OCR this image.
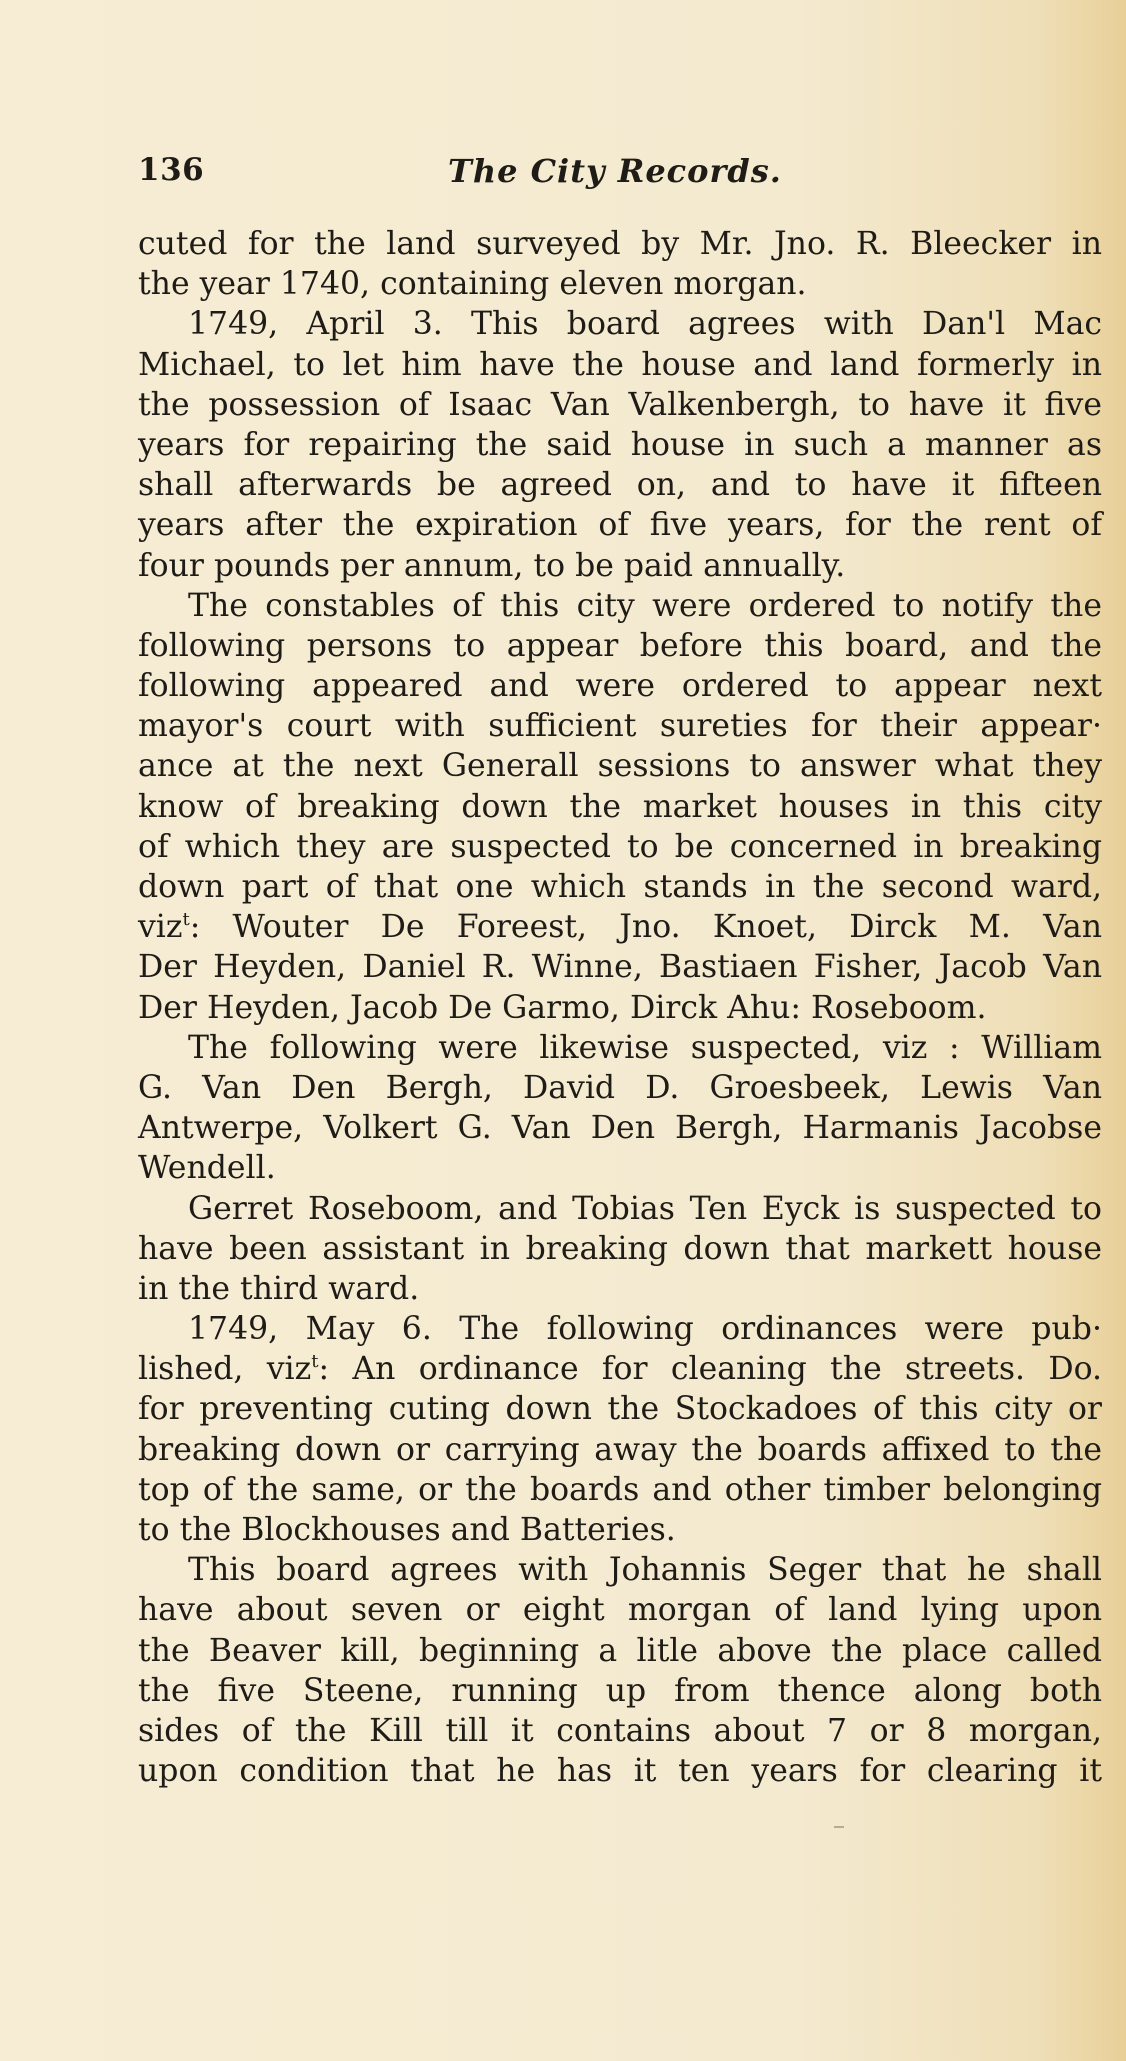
136	The City Records.
cuted for the land surveyed by Mr. Jno. R. Bleecker in
the year 1740, containing eleven morgan.
1749, April 3. This board agrees with Dan'l Mac
Michael, to let him have the house and land formerly in
the possession of Isaac Van Valkenbergh, to have it five
years for repairing the said house in such a manner as
shall afterwards be agreed on, and to have it fifteen
years after the expiration of five years, for the rent of
four pounds per annum, to be paid annually.
The constables of this city were ordered to notify the
following persons to appear before this board, and the
following appeared and were ordered to appear next
mayor's court with sufficient sureties for their appear·
ance at the next Generall sessions to answer what they
know of breaking down the market houses in this city
of which they are suspected to be concerned in breaking
down part of that one which stands in the second ward,
viz$^t$: Wouter De Foreest, Jno. Knoet, Dirck M. Van
Der Heyden, Daniel R. Winne, Bastiaen Fisher, Jacob Van
Der Heyden, Jacob De Garmo, Dirck Ahu: Roseboom.
The following were likewise suspected, viz : William
G. Van Den Bergh, David D. Groesbeek, Lewis Van
Antwerpe, Volkert G. Van Den Bergh, Harmanis Jacobse
Wendell.
Gerret Roseboom, and Tobias Ten Eyck is suspected to
have been assistant in breaking down that markett house
in the third ward.
1749, May 6. The following ordinances were pub·
lished, viz$^t$: An ordinance for cleaning the streets. Do.
for preventing cuting down the Stockadoes of this city or
breaking down or carrying away the boards affixed to the
top of the same, or the boards and other timber belonging
to the Blockhouses and Batteries.
This board agrees with Johannis Seger that he shall
have about seven or eight morgan of land lying upon
the Beaver kill, beginning a litle above the place called
the five Steene, running up from thence along both
sides of the Kill till it contains about 7 or 8 morgan,
upon condition that he has it ten years for clearing it
